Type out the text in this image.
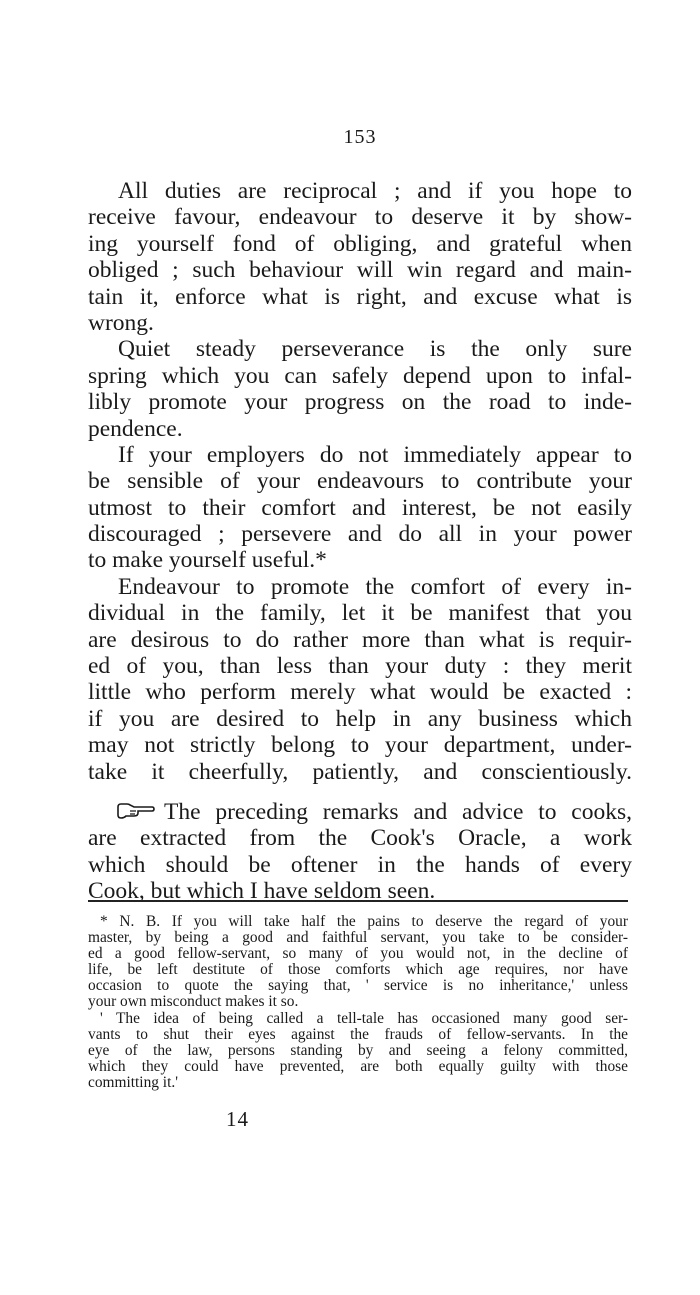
153
All duties are reciprocal ; and if you hope to
receive favour, endeavour to deserve it by show-
ing yourself fond of obliging, and grateful when
obliged ; such behaviour will win regard and main-
tain it, enforce what is right, and excuse what is
wrong.
Quiet steady perseverance is the only sure
spring which you can safely depend upon to infal-
libly promote your progress on the road to inde-
pendence.
If your employers do not immediately appear to
be sensible of your endeavours to contribute your
utmost to their comfort and interest, be not easily
discouraged ; persevere and do all in your power
to make yourself useful.*
Endeavour to promote the comfort of every in-
dividual in the family, let it be manifest that you
are desirous to do rather more than what is requir-
ed of you, than less than your duty : they merit
little who perform merely what would be exacted :
if you are desired to help in any business which
may not strictly belong to your department, under-
take it cheerfully, patiently, and conscientiously.
The preceding remarks and advice to cooks,
are extracted from the Cook's Oracle, a work
which should be oftener in the hands of every
Cook, but which I have seldom seen.
* N. B. If you will take half the pains to deserve the regard of your
master, by being a good and faithful servant, you take to be consider-
ed a good fellow-servant, so many of you would not, in the decline of
life, be left destitute of those comforts which age requires, nor have
occasion to quote the saying that, ' service is no inheritance,' unless
your own misconduct makes it so.
' The idea of being called a tell-tale has occasioned many good ser-
vants to shut their eyes against the frauds of fellow-servants. In the
eye of the law, persons standing by and seeing a felony committed,
which they could have prevented, are both equally guilty with those
committing it.'
14
